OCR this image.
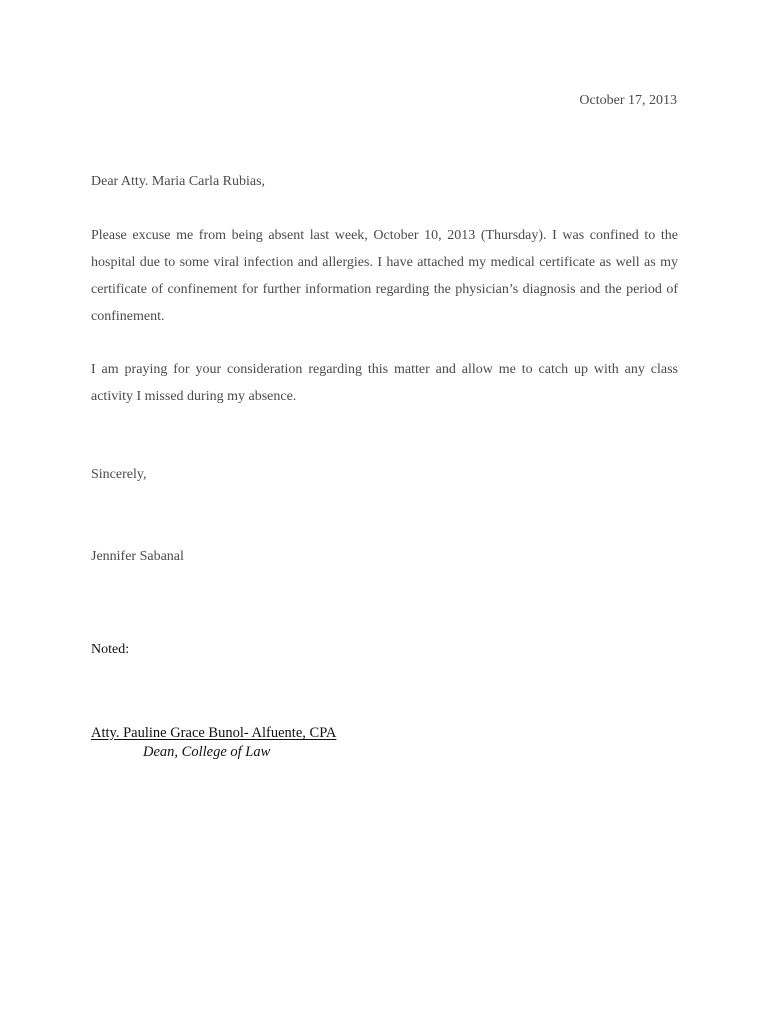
October 17, 2013
Dear Atty. Maria Carla Rubias,
Please excuse me from being absent last week, October 10, 2013 (Thursday). I was confined to the hospital due to some viral infection and allergies. I have attached my medical certificate as well as my certificate of confinement for further information regarding the physician’s diagnosis and the period of confinement.
I am praying for your consideration regarding this matter and allow me to catch up with any class activity I missed during my absence.
Sincerely,
Jennifer Sabanal
Noted:
Atty. Pauline Grace Bunol- Alfuente, CPA
Dean, College of Law
